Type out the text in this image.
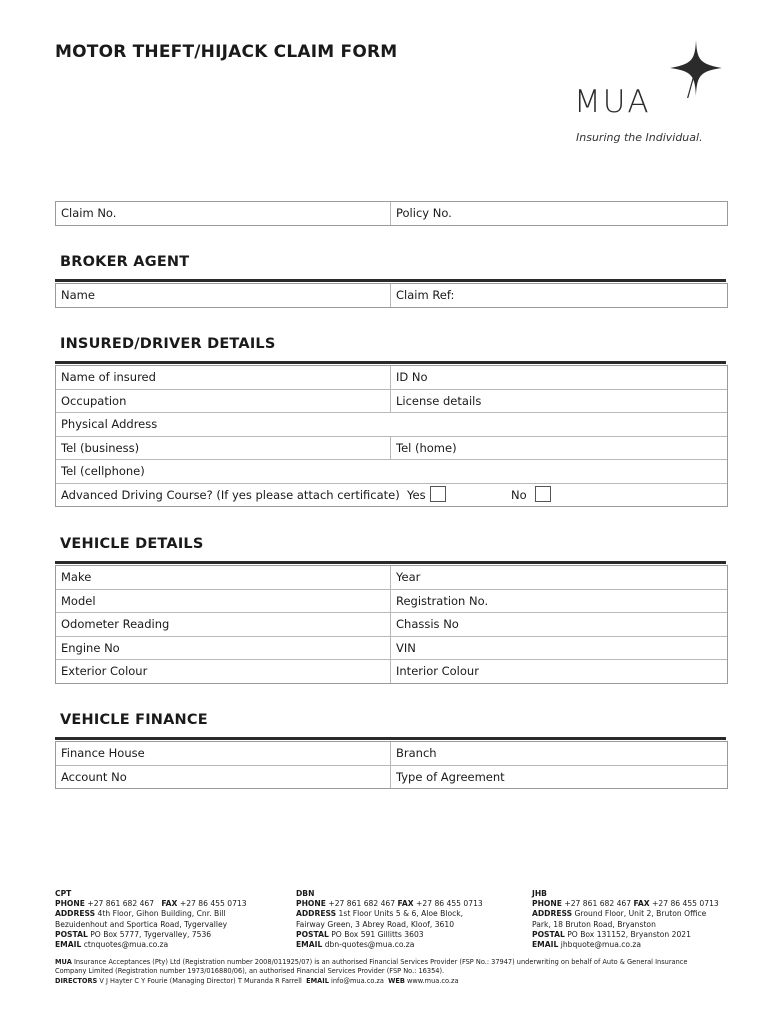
MOTOR THEFT/HIJACK CLAIM FORM
MUA
Insuring the Individual.
Claim No.	Policy No.
BROKER AGENT
Name	Claim Ref:
INSURED/DRIVER DETAILS
Name of insured	ID No
Occupation	License details
Physical Address
Tel (business)	Tel (home)
Tel (cellphone)
Advanced Driving Course? (If yes please attach certificate) Yes	No
VEHICLE DETAILS
Make	Year
Model	Registration No.
Odometer Reading	Chassis No
Engine No	VIN
Exterior Colour	Interior Colour
VEHICLE FINANCE
Finance House	Branch
Account No	Type of Agreement
CPT
PHONE +27 861 682 467 FAX +27 86 455 0713
ADDRESS 4th Floor, Gihon Building, Cnr. Bill
Bezuidenhout and Sportica Road, Tygervalley
POSTAL PO Box 5777, Tygervalley, 7536
EMAIL ctnquotes@mua.co.za
DBN
PHONE +27 861 682 467 FAX +27 86 455 0713
ADDRESS 1st Floor Units 5 & 6, Aloe Block,
Fairway Green, 3 Abrey Road, Kloof, 3610
POSTAL PO Box 591 Gillitts 3603
EMAIL dbn-quotes@mua.co.za
JHB
PHONE +27 861 682 467 FAX +27 86 455 0713
ADDRESS Ground Floor, Unit 2, Bruton Office
Park, 18 Bruton Road, Bryanston
POSTAL PO Box 131152, Bryanston 2021
EMAIL jhbquote@mua.co.za
MUA Insurance Acceptances (Pty) Ltd (Registration number 2008/011925/07) is an authorised Financial Services Provider (FSP No.: 37947) underwriting on behalf of Auto & General Insurance
Company Limited (Registration number 1973/016880/06), an authorised Financial Services Provider (FSP No.: 16354).
DIRECTORS V J Hayter C Y Fourie (Managing Director) T Muranda R Farrell EMAIL info@mua.co.za WEB www.mua.co.za
